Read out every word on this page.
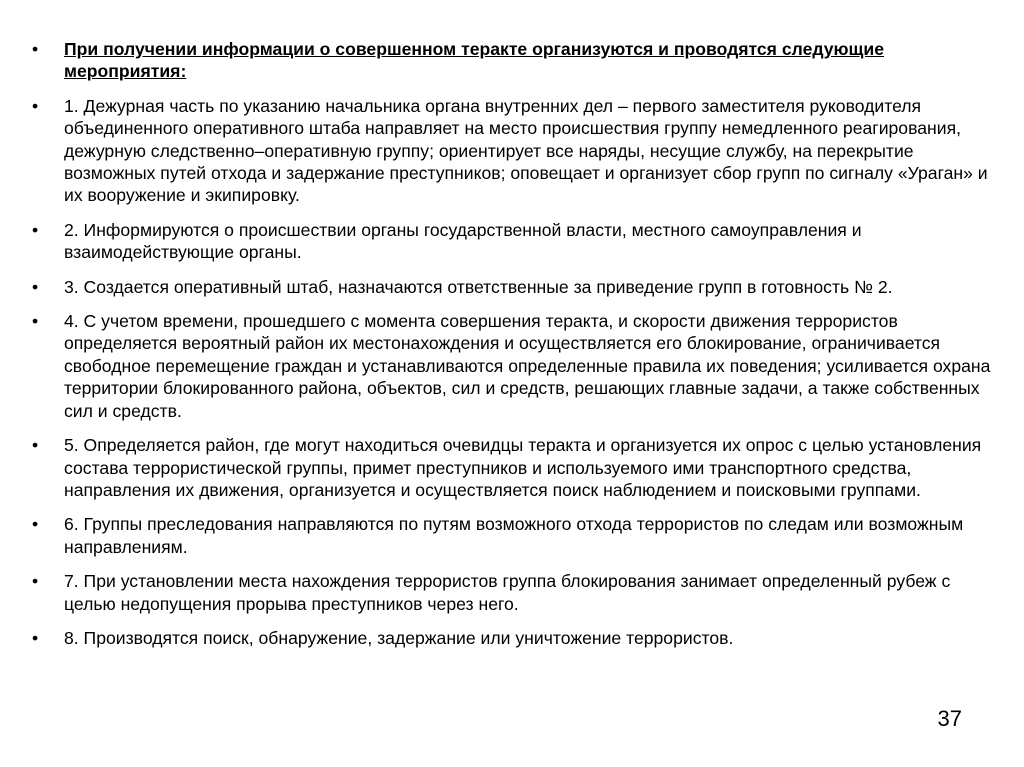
•	При получении информации о совершенном теракте организуются и проводятся следующие мероприятия:
•	1. Дежурная часть по указанию начальника органа внутренних дел – первого заместителя руководителя объединенного оперативного штаба направляет на место происшествия группу немедленного реагирования, дежурную следственно–оперативную группу; ориентирует все наряды, несущие службу, на перекрытие возможных путей отхода и задержание преступников; оповещает и организует сбор групп по сигналу «Ураган» и их вооружение и экипировку.
•	2. Информируются о происшествии органы государственной власти, местного самоуправления и взаимодействующие органы.
•	3. Создается оперативный штаб, назначаются ответственные за приведение групп в готовность № 2.
•	4. С учетом времени, прошедшего с момента совершения теракта, и скорости движения террористов определяется вероятный район их местонахождения и осуществляется его блокирование, ограничивается свободное перемещение граждан и устанавливаются определенные правила их поведения; усиливается охрана территории блокированного района, объектов, сил и средств, решающих главные задачи, а также собственных сил и средств.
•	5. Определяется район, где могут находиться очевидцы теракта и организуется их опрос с целью установления состава террористической группы, примет преступников и используемого ими транспортного средства, направления их движения, организуется и осуществляется поиск наблюдением и поисковыми группами.
•	6. Группы преследования направляются по путям возможного отхода террористов по следам или возможным направлениям.
•	7. При установлении места нахождения террористов группа блокирования занимает определенный рубеж с целью недопущения прорыва преступников через него.
•	8. Производятся поиск, обнаружение, задержание или уничтожение террористов.
37
